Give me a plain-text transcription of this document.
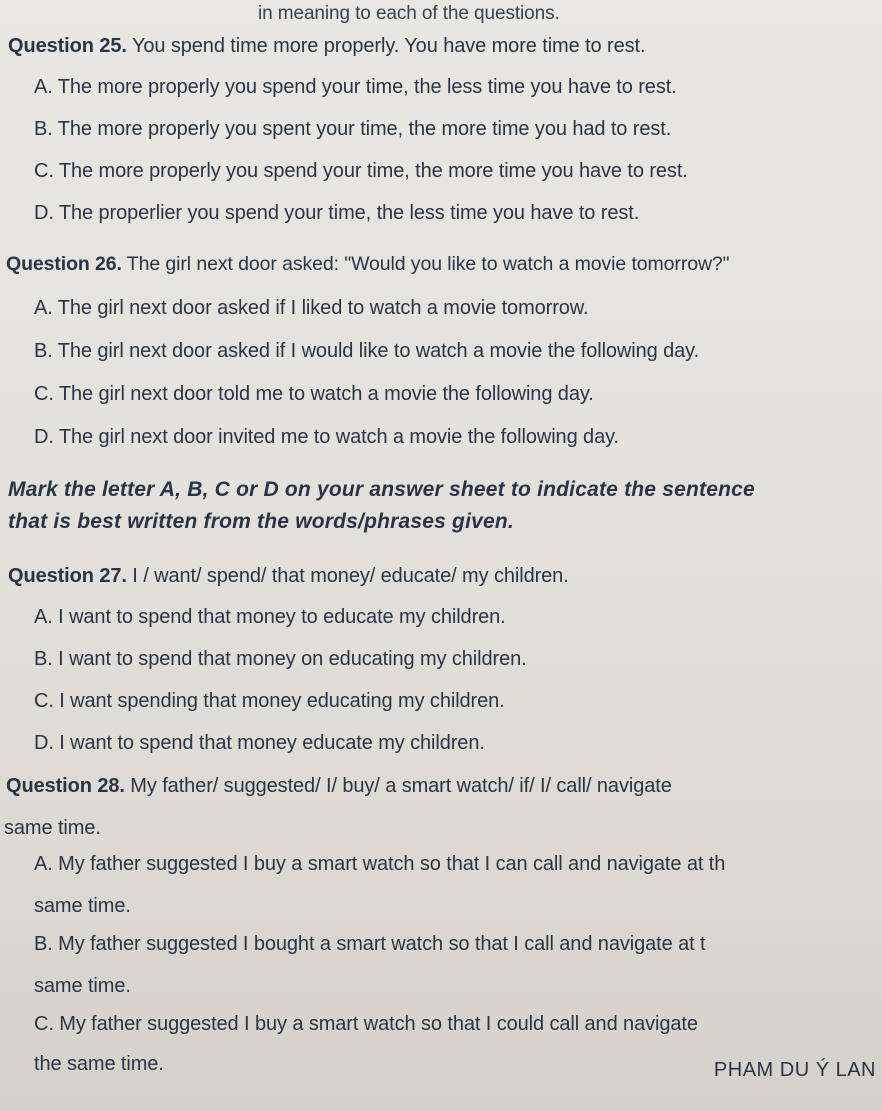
in meaning to each of the questions.
Question 25. You spend time more properly. You have more time to rest.
A. The more properly you spend your time, the less time you have to rest.
B. The more properly you spent your time, the more time you had to rest.
C. The more properly you spend your time, the more time you have to rest.
D. The properlier you spend your time, the less time you have to rest.
Question 26. The girl next door asked: "Would you like to watch a movie tomorrow?"
A. The girl next door asked if I liked to watch a movie tomorrow.
B. The girl next door asked if I would like to watch a movie the following day.
C. The girl next door told me to watch a movie the following day.
D. The girl next door invited me to watch a movie the following day.
Mark the letter A, B, C or D on your answer sheet to indicate the sentence
that is best written from the words/phrases given.
Question 27. I / want/ spend/ that money/ educate/ my children.
A. I want to spend that money to educate my children.
B. I want to spend that money on educating my children.
C. I want spending that money educating my children.
D. I want to spend that money educate my children.
Question 28. My father/ suggested/ I/ buy/ a smart watch/ if/ I/ call/ navigate
same time.
A. My father suggested I buy a smart watch so that I can call and navigate at th
same time.
B. My father suggested I bought a smart watch so that I call and navigate at t
same time.
C. My father suggested I buy a smart watch so that I could call and navigate
the same time.	PHAM DU Ý LAN
